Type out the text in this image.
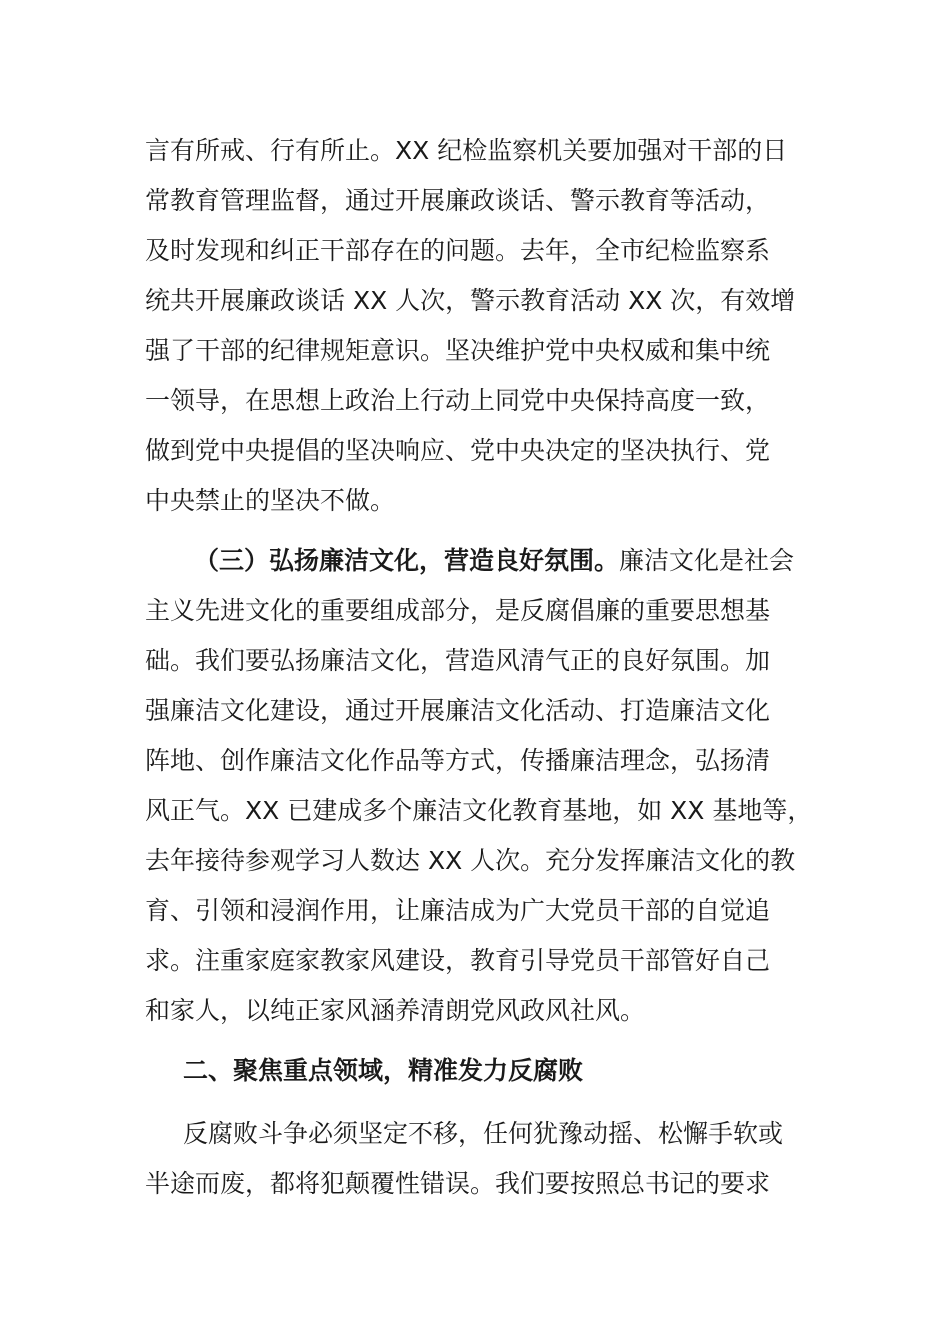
言有所戒、行有所止。XX 纪检监察机关要加强对干部的日
常教育管理监督，通过开展廉政谈话、警示教育等活动，
及时发现和纠正干部存在的问题。去年，全市纪检监察系
统共开展廉政谈话 XX 人次，警示教育活动 XX 次，有效增
强了干部的纪律规矩意识。坚决维护党中央权威和集中统
一领导，在思想上政治上行动上同党中央保持高度一致，
做到党中央提倡的坚决响应、党中央决定的坚决执行、党
中央禁止的坚决不做。
（三）弘扬廉洁文化，营造良好氛围。廉洁文化是社会
主义先进文化的重要组成部分，是反腐倡廉的重要思想基
础。我们要弘扬廉洁文化，营造风清气正的良好氛围。加
强廉洁文化建设，通过开展廉洁文化活动、打造廉洁文化
阵地、创作廉洁文化作品等方式，传播廉洁理念，弘扬清
风正气。XX 已建成多个廉洁文化教育基地，如 XX 基地等，
去年接待参观学习人数达 XX 人次。充分发挥廉洁文化的教
育、引领和浸润作用，让廉洁成为广大党员干部的自觉追
求。注重家庭家教家风建设，教育引导党员干部管好自己
和家人，以纯正家风涵养清朗党风政风社风。
二、聚焦重点领域，精准发力反腐败
反腐败斗争必须坚定不移，任何犹豫动摇、松懈手软或
半途而废，都将犯颠覆性错误。我们要按照总书记的要求
